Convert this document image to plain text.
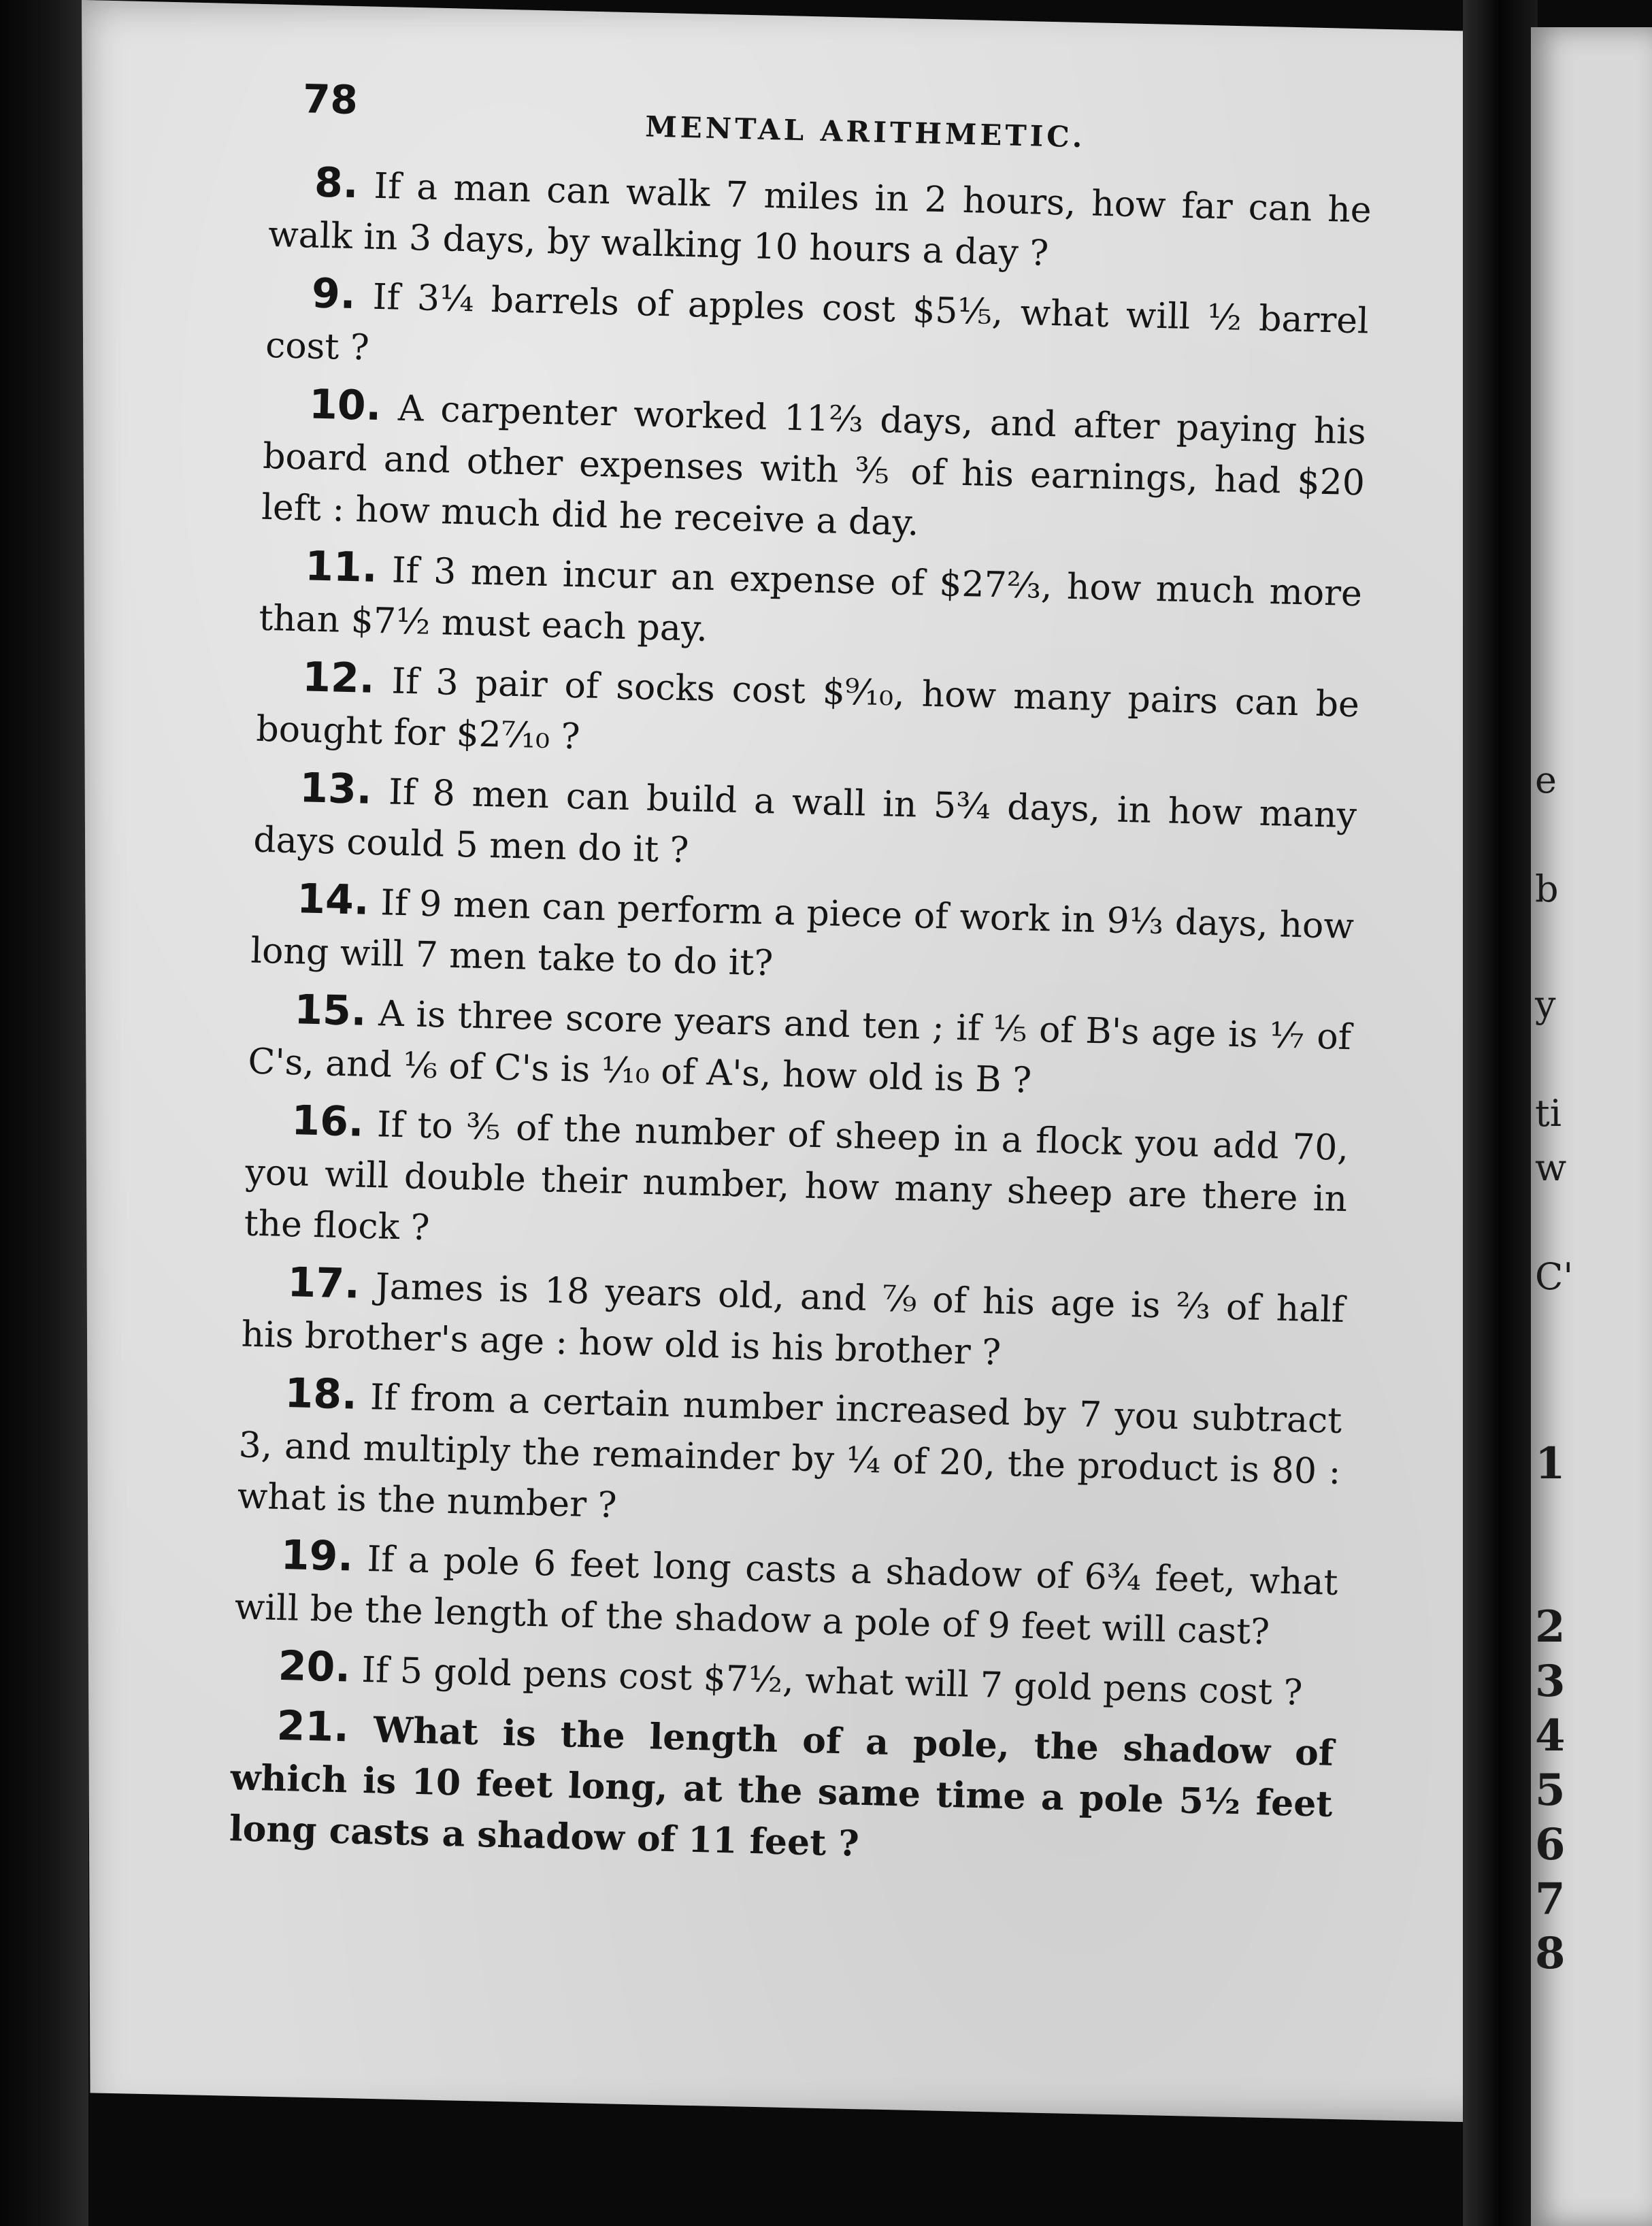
78
MENTAL ARITHMETIC.

8. If a man can walk 7 miles in 2 hours, how far can he walk in 3 days, by walking 10 hours a day ?

9. If 3¼ barrels of apples cost $5⅕, what will ½ barrel cost ?

10. A carpenter worked 11⅔ days, and after paying his board and other expenses with ⅗ of his earnings, had $20 left : how much did he receive a day.

11. If 3 men incur an expense of $27⅔, how much more than $7½ must each pay.

12. If 3 pair of socks cost $⁹⁄₁₀, how many pairs can be bought for $2⁷⁄₁₀ ?

13. If 8 men can build a wall in 5¾ days, in how many days could 5 men do it ?

14. If 9 men can perform a piece of work in 9⅓ days, how long will 7 men take to do it?

15. A is three score years and ten ; if ⅕ of B's age is ⅐ of C's, and ⅙ of C's is ⅒ of A's, how old is B ?

16. If to ⅗ of the number of sheep in a flock you add 70, you will double their number, how many sheep are there in the flock ?

17. James is 18 years old, and ⁷⁄₉ of his age is ⅔ of half his brother's age : how old is his brother ?

18. If from a certain number increased by 7 you subtract 3, and multiply the remainder by ¼ of 20, the product is 80 : what is the number ?

19. If a pole 6 feet long casts a shadow of 6¾ feet, what will be the length of the shadow a pole of 9 feet will cast?

20. If 5 gold pens cost $7½, what will 7 gold pens cost ?

21. What is the length of a pole, the shadow of which is 10 feet long, at the same time a pole 5½ feet long casts a shadow of 11 feet ?

e
b
y
ti
w
C'
1
2
3
4
5
6
7
8
